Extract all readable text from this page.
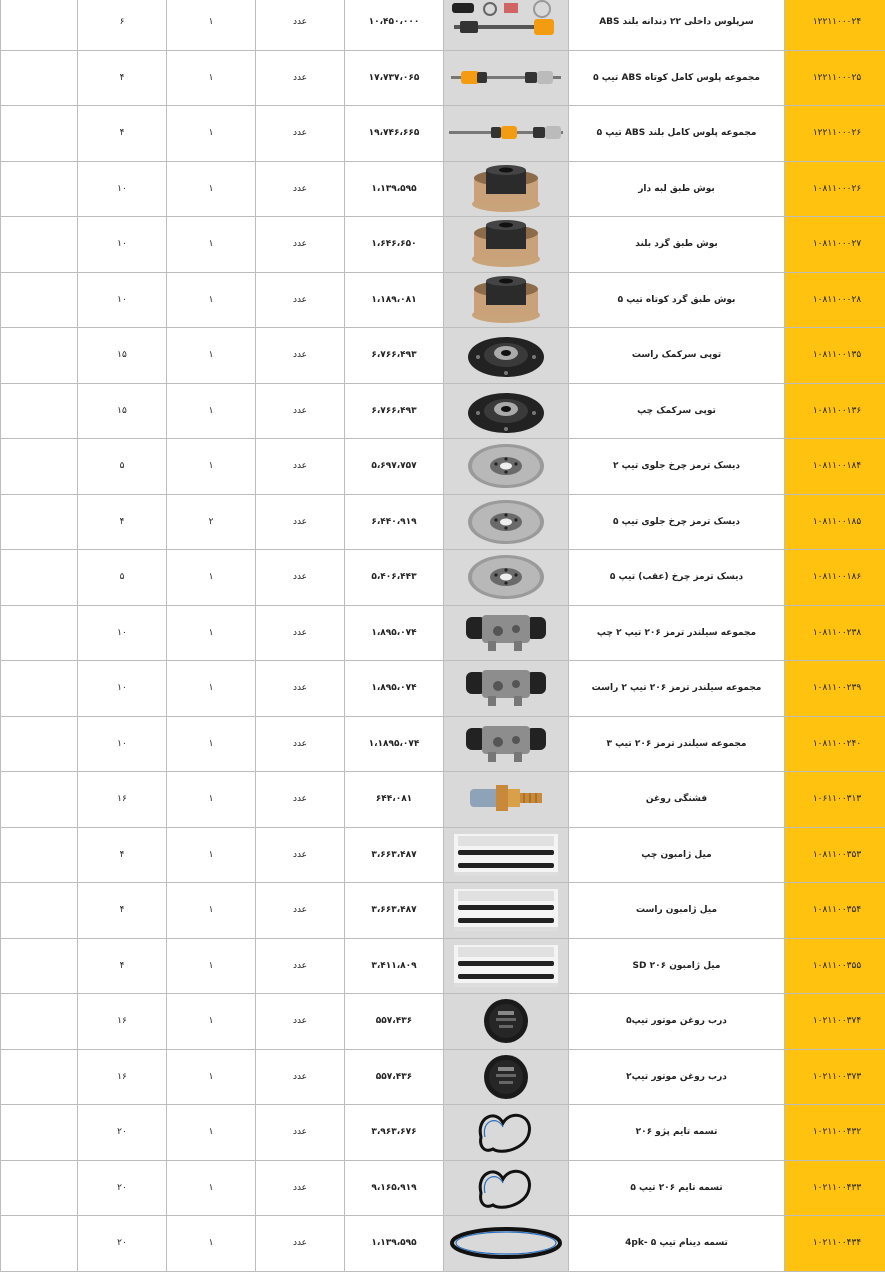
	۶	۱	عدد	۱۰،۴۵۰،۰۰۰		سرپلوس داخلی ۲۲ دندانه بلند ABS	۱۲۲۱۱۰۰۰۲۴
	۴	۱	عدد	۱۷،۷۳۷،۰۶۵		مجموعه پلوس کامل کوتاه ABS تیپ ۵	۱۲۲۱۱۰۰۰۲۵
	۴	۱	عدد	۱۹،۷۴۶،۶۶۵		مجموعه پلوس کامل بلند ABS تیپ ۵	۱۲۲۱۱۰۰۰۲۶
	۱۰	۱	عدد	۱،۱۳۹،۵۹۵		بوش طبق لبه دار	۱۰۸۱۱۰۰۰۲۶
	۱۰	۱	عدد	۱،۶۴۶،۶۵۰		بوش طبق گرد بلند	۱۰۸۱۱۰۰۰۲۷
	۱۰	۱	عدد	۱،۱۸۹،۰۸۱		بوش طبق گرد کوتاه تیپ ۵	۱۰۸۱۱۰۰۰۲۸
	۱۵	۱	عدد	۶،۷۶۶،۴۹۳		توپی سرکمک راست	۱۰۸۱۱۰۰۱۳۵
	۱۵	۱	عدد	۶،۷۶۶،۴۹۳		توپی سرکمک چپ	۱۰۸۱۱۰۰۱۳۶
	۵	۱	عدد	۵،۶۹۷،۷۵۷		دیسک ترمز چرخ جلوی تیپ ۲	۱۰۸۱۱۰۰۱۸۴
	۴	۲	عدد	۶،۴۴۰،۹۱۹		دیسک ترمز چرخ جلوی تیپ ۵	۱۰۸۱۱۰۰۱۸۵
	۵	۱	عدد	۵،۴۰۶،۴۴۳		دیسک ترمز چرخ (عقب) تیپ ۵	۱۰۸۱۱۰۰۱۸۶
	۱۰	۱	عدد	۱،۸۹۵،۰۷۴		مجموعه سیلندر ترمز ۲۰۶ تیپ ۲ چپ	۱۰۸۱۱۰۰۲۳۸
	۱۰	۱	عدد	۱،۸۹۵،۰۷۴		مجموعه سیلندر ترمز ۲۰۶ تیپ ۲ راست	۱۰۸۱۱۰۰۲۳۹
	۱۰	۱	عدد	۱،۱۸۹۵،۰۷۴		مجموعه سیلندر ترمز ۲۰۶ تیپ ۳	۱۰۸۱۱۰۰۲۴۰
	۱۶	۱	عدد	۶۴۴،۰۸۱		فشنگی روغن	۱۰۶۱۱۰۰۳۱۳
	۴	۱	عدد	۳،۶۶۳،۴۸۷		میل ژامبون چپ	۱۰۸۱۱۰۰۳۵۳
	۴	۱	عدد	۳،۶۶۳،۴۸۷		میل ژامبون راست	۱۰۸۱۱۰۰۳۵۴
	۴	۱	عدد	۳،۴۱۱،۸۰۹		میل ژامبون ۲۰۶ SD	۱۰۸۱۱۰۰۳۵۵
	۱۶	۱	عدد	۵۵۷،۴۳۶		درب روغن موتور تیپ۵	۱۰۲۱۱۰۰۳۷۴
	۱۶	۱	عدد	۵۵۷،۴۳۶		درب روغن موتور تیپ۲	۱۰۲۱۱۰۰۳۷۳
	۲۰	۱	عدد	۳،۹۶۳،۶۷۶		تسمه تایم پژو ۲۰۶	۱۰۲۱۱۰۰۴۳۲
	۲۰	۱	عدد	۹،۱۶۵،۹۱۹		تسمه تایم ۲۰۶ تیپ ۵	۱۰۲۱۱۰۰۴۳۳
	۲۰	۱	عدد	۱،۱۳۹،۵۹۵		تسمه دینام تیپ ۵ -4pk	۱۰۲۱۱۰۰۴۳۴
